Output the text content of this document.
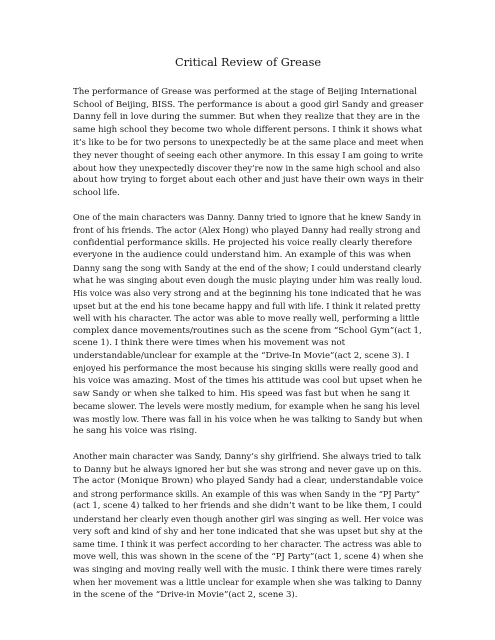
Critical Review of Grease
The performance of Grease was performed at the stage of Beijing International
School of Beijing, BISS. The performance is about a good girl Sandy and greaser
Danny fell in love during the summer. But when they realize that they are in the
same high school they become two whole different persons. I think it shows what
it’s like to be for two persons to unexpectedly be at the same place and meet when
they never thought of seeing each other anymore. In this essay I am going to write
about how they unexpectedly discover they’re now in the same high school and also
about how trying to forget about each other and just have their own ways in their
school life.
One of the main characters was Danny. Danny tried to ignore that he knew Sandy in
front of his friends. The actor (Alex Hong) who played Danny had really strong and
confidential performance skills. He projected his voice really clearly therefore
everyone in the audience could understand him. An example of this was when
Danny sang the song with Sandy at the end of the show; I could understand clearly
what he was singing about even dough the music playing under him was really loud.
His voice was also very strong and at the beginning his tone indicated that he was
upset but at the end his tone became happy and full with life. I think it related pretty
well with his character. The actor was able to move really well, performing a little
complex dance movements/routines such as the scene from “School Gym”(act 1,
scene 1). I think there were times when his movement was not
understandable/unclear for example at the “Drive-In Movie”(act 2, scene 3). I
enjoyed his performance the most because his singing skills were really good and
his voice was amazing. Most of the times his attitude was cool but upset when he
saw Sandy or when she talked to him. His speed was fast but when he sang it
became slower. The levels were mostly medium, for example when he sang his level
was mostly low. There was fall in his voice when he was talking to Sandy but when
he sang his voice was rising.
Another main character was Sandy, Danny’s shy girlfriend. She always tried to talk
to Danny but he always ignored her but she was strong and never gave up on this.
The actor (Monique Brown) who played Sandy had a clear, understandable voice
and strong performance skills. An example of this was when Sandy in the “PJ Party”
(act 1, scene 4) talked to her friends and she didn’t want to be like them, I could
understand her clearly even though another girl was singing as well. Her voice was
very soft and kind of shy and her tone indicated that she was upset but shy at the
same time. I think it was perfect according to her character. The actress was able to
move well, this was shown in the scene of the “PJ Party”(act 1, scene 4) when she
was singing and moving really well with the music. I think there were times rarely
when her movement was a little unclear for example when she was talking to Danny
in the scene of the “Drive-in Movie”(act 2, scene 3).
